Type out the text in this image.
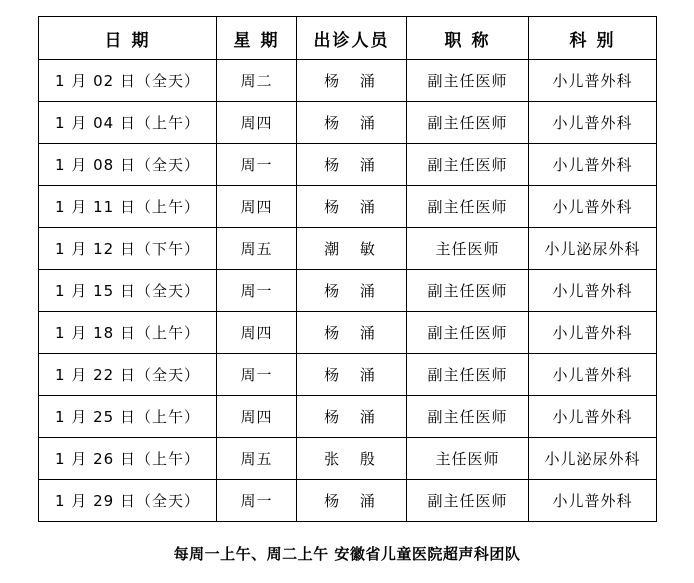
日 期	星 期	出诊人员	职 称	科 别
1 月 02 日（全天）	周二	杨 涌	副主任医师	小儿普外科
1 月 04 日（上午）	周四	杨 涌	副主任医师	小儿普外科
1 月 08 日（全天）	周一	杨 涌	副主任医师	小儿普外科
1 月 11 日（上午）	周四	杨 涌	副主任医师	小儿普外科
1 月 12 日（下午）	周五	潮 敏	主任医师	小儿泌尿外科
1 月 15 日（全天）	周一	杨 涌	副主任医师	小儿普外科
1 月 18 日（上午）	周四	杨 涌	副主任医师	小儿普外科
1 月 22 日（全天）	周一	杨 涌	副主任医师	小儿普外科
1 月 25 日（上午）	周四	杨 涌	副主任医师	小儿普外科
1 月 26 日（上午）	周五	张 殷	主任医师	小儿泌尿外科
1 月 29 日（全天）	周一	杨 涌	副主任医师	小儿普外科
每周一上午、周二上午 安徽省儿童医院超声科团队
